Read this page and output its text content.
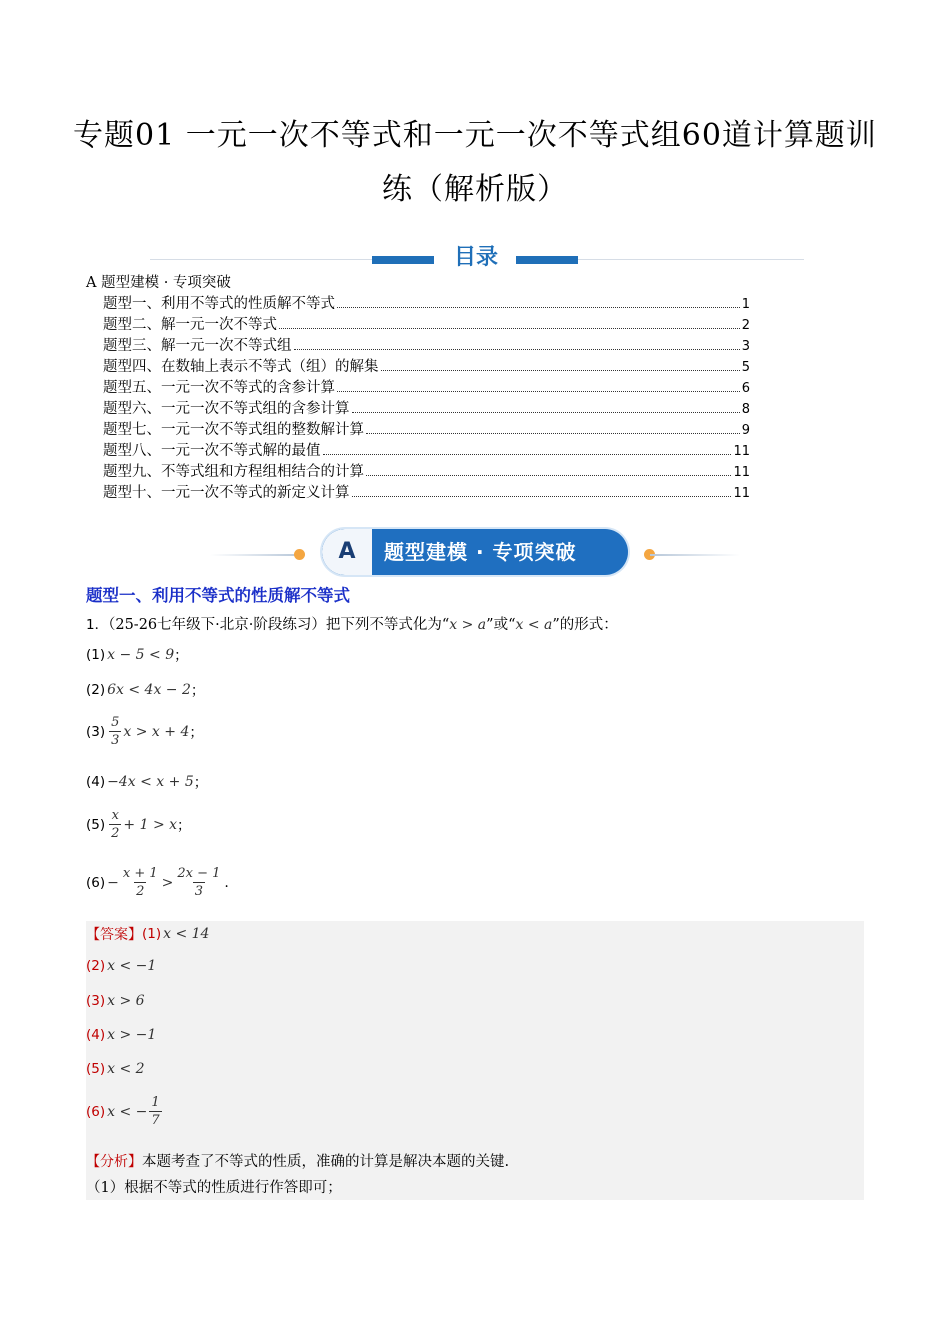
专题01 一元一次不等式和一元一次不等式组60道计算题训
练（解析版）
目录
A 题型建模 · 专项突破
题型一、利用不等式的性质解不等式	1
题型二、解一元一次不等式	2
题型三、解一元一次不等式组	3
题型四、在数轴上表示不等式（组）的解集	5
题型五、一元一次不等式的含参计算	6
题型六、一元一次不等式组的含参计算	8
题型七、一元一次不等式组的整数解计算	9
题型八、一元一次不等式解的最值	11
题型九、不等式组和方程组相结合的计算	11
题型十、一元一次不等式的新定义计算	11
A	题型建模 · 专项突破
题型一、利用不等式的性质解不等式
1．（25-26七年级下·北京·阶段练习）把下列不等式化为“x > a”或“x < a”的形式：
(1) x − 5 < 9 ；
(2) 6x < 4x − 2 ；
$(3) \frac{5}{3}$ x > x + 4 ；
(4) −4x < x + 5 ；
$(5) \frac{x}{2} + 1 > x$ ；
$(6) - \frac{x + 1}{2} > \frac{2x - 1}{3}$ .
【答案】 (1) x < 14
(2) x < −1
(3) x > 6
(4) x > −1
(5) x < 2
(6) x < − $\frac{1}{7}$
【分析】本题考查了不等式的性质，准确的计算是解决本题的关键.
（1）根据不等式的性质进行作答即可；
